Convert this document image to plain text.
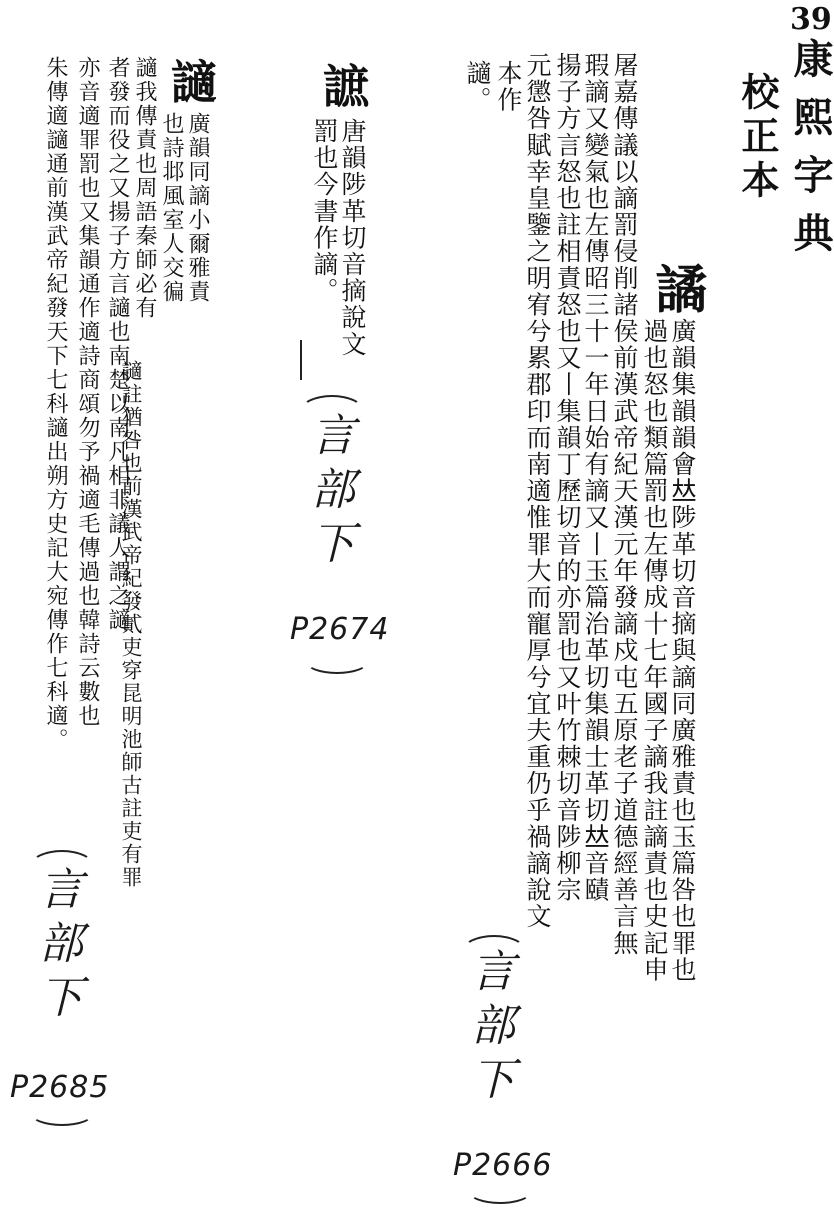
39
康熙字典
校正本
譎
廣韻集韻韻會𠀤陟革切音摘與謫同廣雅責也玉篇咎也罪也
過也怒也類篇罰也左傳成十七年國子謫我註謫責也史記申
屠嘉傳議以謫罰侵削諸侯前漢武帝紀天漢元年發謫戍屯五原老子道德經善言無
瑕謫又變氣也左傳昭三十一年日始有謫又丨玉篇治革切集韻士革切𠀤音賾
揚子方言怒也註相責怒也又丨集韻丁歷切音的亦罰也又叶竹棘切音陟柳宗
元懲咎賦幸皇鑒之明宥兮累郡印而南適惟罪大而寵厚兮宜夫重仍乎禍謫說文
本作
讁。
言部下
P2666
謶
唐韻陟革切音摘說文
罰也今書作謫。
言部下
P2674
讁
廣韻同謫小爾雅責
也詩邶風室人交徧
讁我傳責也周語秦師必有
讁註猶咎也前漢武帝紀發貳吏穿昆明池師古註吏有罪
者發而役之又揚子方言讁也南楚以南凡相非議人謂之讁
亦音適罪罰也又集韻通作適詩商頌勿予禍適毛傳過也韓詩云數也
朱傳適讁通前漢武帝紀發天下七科讁出朔方史記大宛傳作七科適。
言部下
P2685
